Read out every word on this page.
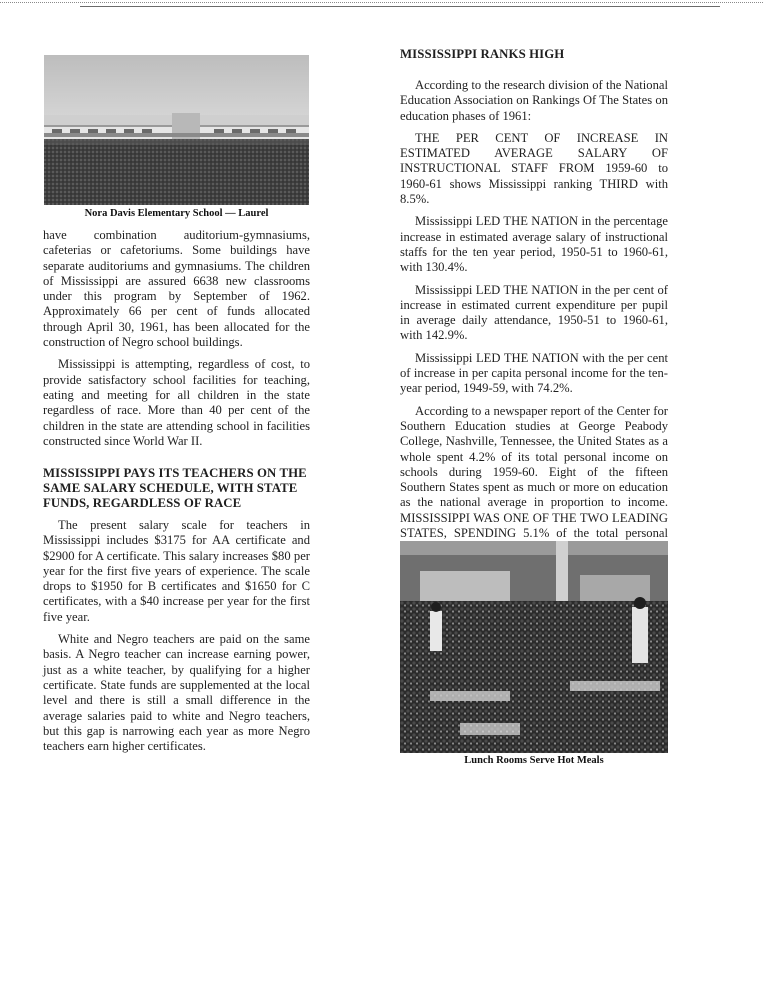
Nora Davis Elementary School — Laurel

have combination auditorium-gymnasiums, cafeterias or cafetoriums. Some buildings have separate auditoriums and gymnasiums. The children of Mississippi are assured 6638 new classrooms under this program by September of 1962. Approximately 66 per cent of funds allocated through April 30, 1961, has been allocated for the construction of Negro school buildings.

Mississippi is attempting, regardless of cost, to provide satisfactory school facilities for teaching, eating and meeting for all children in the state regardless of race. More than 40 per cent of the children in the state are attending school in facilities constructed since World War II.

MISSISSIPPI PAYS ITS TEACHERS ON THE SAME SALARY SCHEDULE, WITH STATE FUNDS, REGARDLESS OF RACE

The present salary scale for teachers in Mississippi includes $3175 for AA certificate and $2900 for A certificate. This salary increases $80 per year for the first five years of experience. The scale drops to $1950 for B certificates and $1650 for C certificates, with a $40 increase per year for the first five year.

White and Negro teachers are paid on the same basis. A Negro teacher can increase earning power, just as a white teacher, by qualifying for a higher certificate. State funds are supplemented at the local level and there is still a small difference in the average salaries paid to white and Negro teachers, but this gap is narrowing each year as more Negro teachers earn higher certificates.

MISSISSIPPI RANKS HIGH

According to the research division of the National Education Association on Rankings Of The States on education phases of 1961:

THE PER CENT OF INCREASE IN ESTIMATED AVERAGE SALARY OF INSTRUCTIONAL STAFF FROM 1959-60 to 1960-61 shows Mississippi ranking THIRD with 8.5%.

Mississippi LED THE NATION in the percentage increase in estimated average salary of instructional staffs for the ten year period, 1950-51 to 1960-61, with 130.4%.

Mississippi LED THE NATION in the per cent of increase in estimated current expenditure per pupil in average daily attendance, 1950-51 to 1960-61, with 142.9%.

Mississippi LED THE NATION with the per cent of increase in per capita personal income for the ten-year period, 1949-59, with 74.2%.

According to a newspaper report of the Center for Southern Education studies at George Peabody College, Nashville, Tennessee, the United States as a whole spent 4.2% of its total personal income on schools during 1959-60. Eight of the fifteen Southern States spent as much or more on education as the national average in proportion to income. MISSISSIPPI WAS ONE OF THE TWO LEADING STATES, SPENDING 5.1% of the total personal

Lunch Rooms Serve Hot Meals
